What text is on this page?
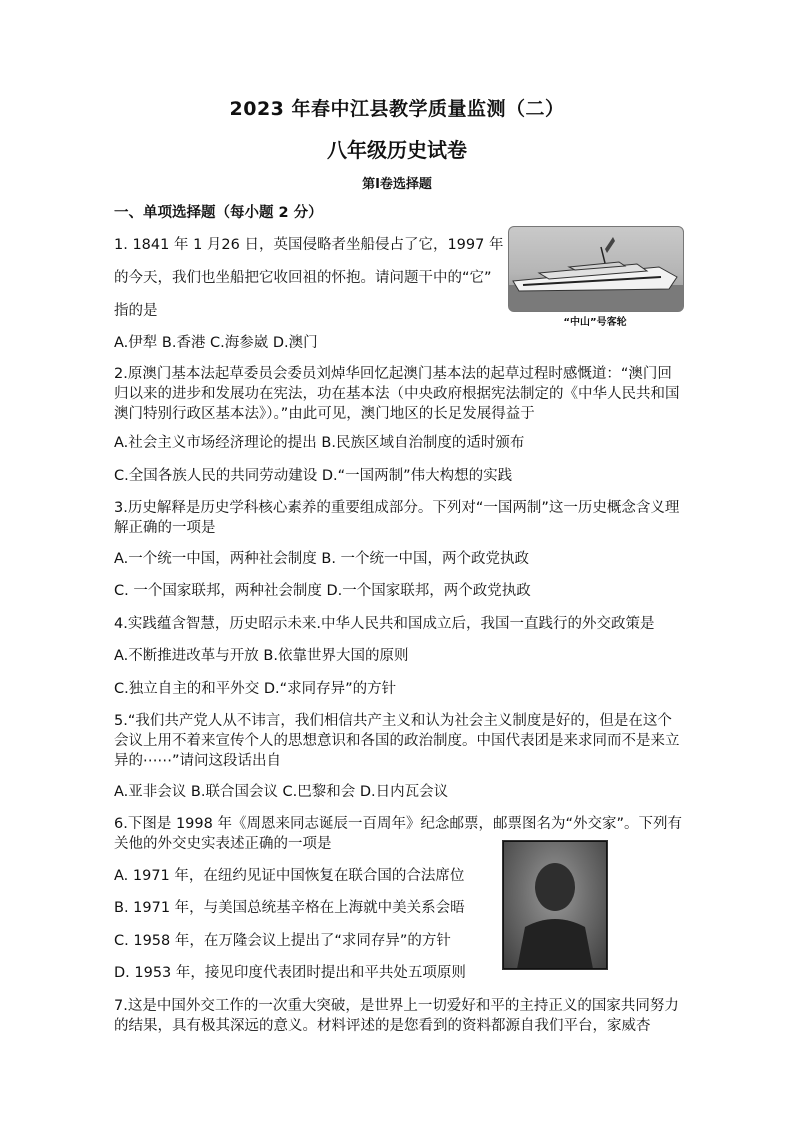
2023 年春中江县教学质量监测（二）
八年级历史试卷
第Ⅰ卷选择题
一、单项选择题（每小题 2 分）
1. 1841 年 1 月26 日，英国侵略者坐船侵占了它，1997 年
的今天，我们也坐船把它收回祖的怀抱。请问题干中的“它”
指的是
A.伊犁 B.香港 C.海参崴 D.澳门
“中山”号客轮
2.原澳门基本法起草委员会委员刘焯华回忆起澳门基本法的起草过程时感慨道：“澳门回归以来的进步和发展功在宪法，功在基本法（中央政府根据宪法制定的《中华人民共和国澳门特别行政区基本法》）。”由此可见，澳门地区的长足发展得益于
A.社会主义市场经济理论的提出 B.民族区域自治制度的适时颁布
C.全国各族人民的共同劳动建设 D.“一国两制”伟大构想的实践
3.历史解释是历史学科核心素养的重要组成部分。下列对“一国两制”这一历史概念含义理解正确的一项是
A.一个统一中国，两种社会制度 B. 一个统一中国，两个政党执政
C. 一个国家联邦，两种社会制度 D.一个国家联邦，两个政党执政
4.实践蕴含智慧，历史昭示未来.中华人民共和国成立后，我国一直践行的外交政策是
A.不断推进改革与开放 B.依靠世界大国的原则
C.独立自主的和平外交 D.“求同存异”的方针
5.“我们共产党人从不讳言，我们相信共产主义和认为社会主义制度是好的，但是在这个会议上用不着来宣传个人的思想意识和各国的政治制度。中国代表团是来求同而不是来立异的⋯⋯”请问这段话出自
A.亚非会议 B.联合国会议 C.巴黎和会 D.日内瓦会议
6.下图是 1998 年《周恩来同志诞辰一百周年》纪念邮票，邮票图名为“外交家”。下列有关他的外交史实表述正确的一项是
A. 1971 年，在纽约见证中国恢复在联合国的合法席位
B. 1971 年，与美国总统基辛格在上海就中美关系会晤
C. 1958 年，在万隆会议上提出了“求同存异”的方针
D. 1953 年，接见印度代表团时提出和平共处五项原则
7.这是中国外交工作的一次重大突破，是世界上一切爱好和平的主持正义的国家共同努力的结果，具有极其深远的意义。材料评述的是您看到的资料都源自我们平台，家威杏
